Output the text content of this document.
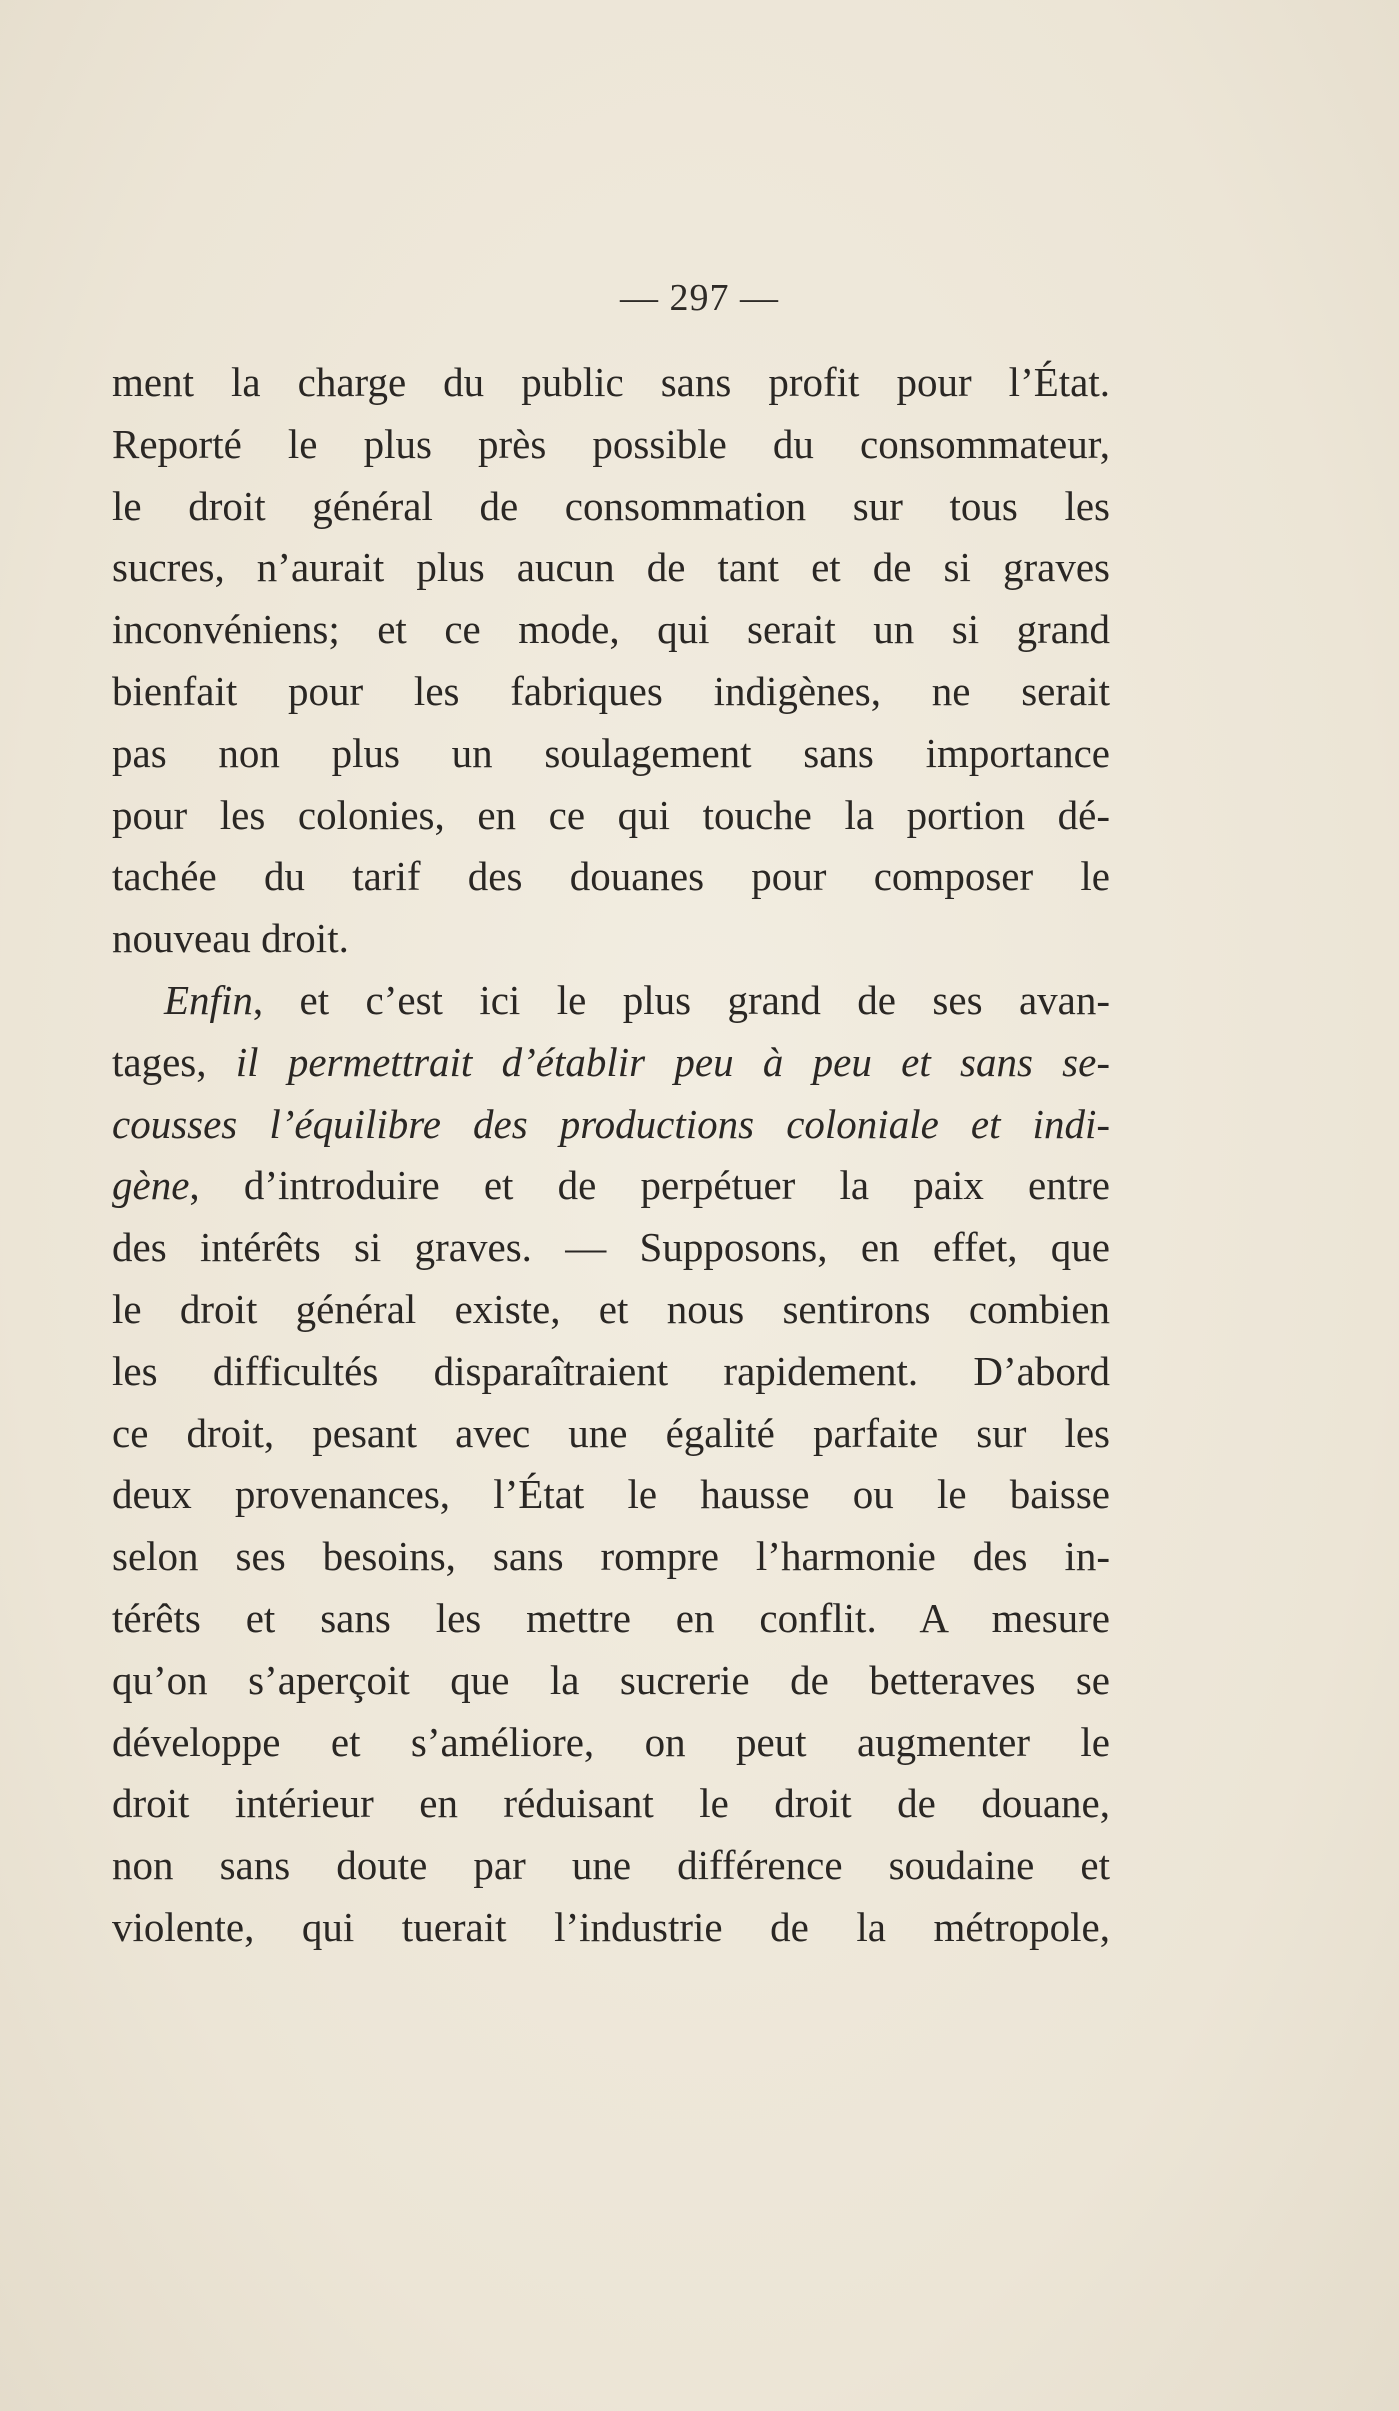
— 297 —
ment la charge du public sans profit pour l’État.
Reporté le plus près possible du consommateur,
le droit général de consommation sur tous les
sucres, n’aurait plus aucun de tant et de si graves
inconvéniens; et ce mode, qui serait un si grand
bienfait pour les fabriques indigènes, ne serait
pas non plus un soulagement sans importance
pour les colonies, en ce qui touche la portion dé-
tachée du tarif des douanes pour composer le
nouveau droit.
Enfin, et c’est ici le plus grand de ses avan-
tages, il permettrait d’établir peu à peu et sans se-
cousses l’équilibre des productions coloniale et indi-
gène, d’introduire et de perpétuer la paix entre
des intérêts si graves. — Supposons, en effet, que
le droit général existe, et nous sentirons combien
les difficultés disparaîtraient rapidement. D’abord
ce droit, pesant avec une égalité parfaite sur les
deux provenances, l’État le hausse ou le baisse
selon ses besoins, sans rompre l’harmonie des in-
térêts et sans les mettre en conflit. A mesure
qu’on s’aperçoit que la sucrerie de betteraves se
développe et s’améliore, on peut augmenter le
droit intérieur en réduisant le droit de douane,
non sans doute par une différence soudaine et
violente, qui tuerait l’industrie de la métropole,
